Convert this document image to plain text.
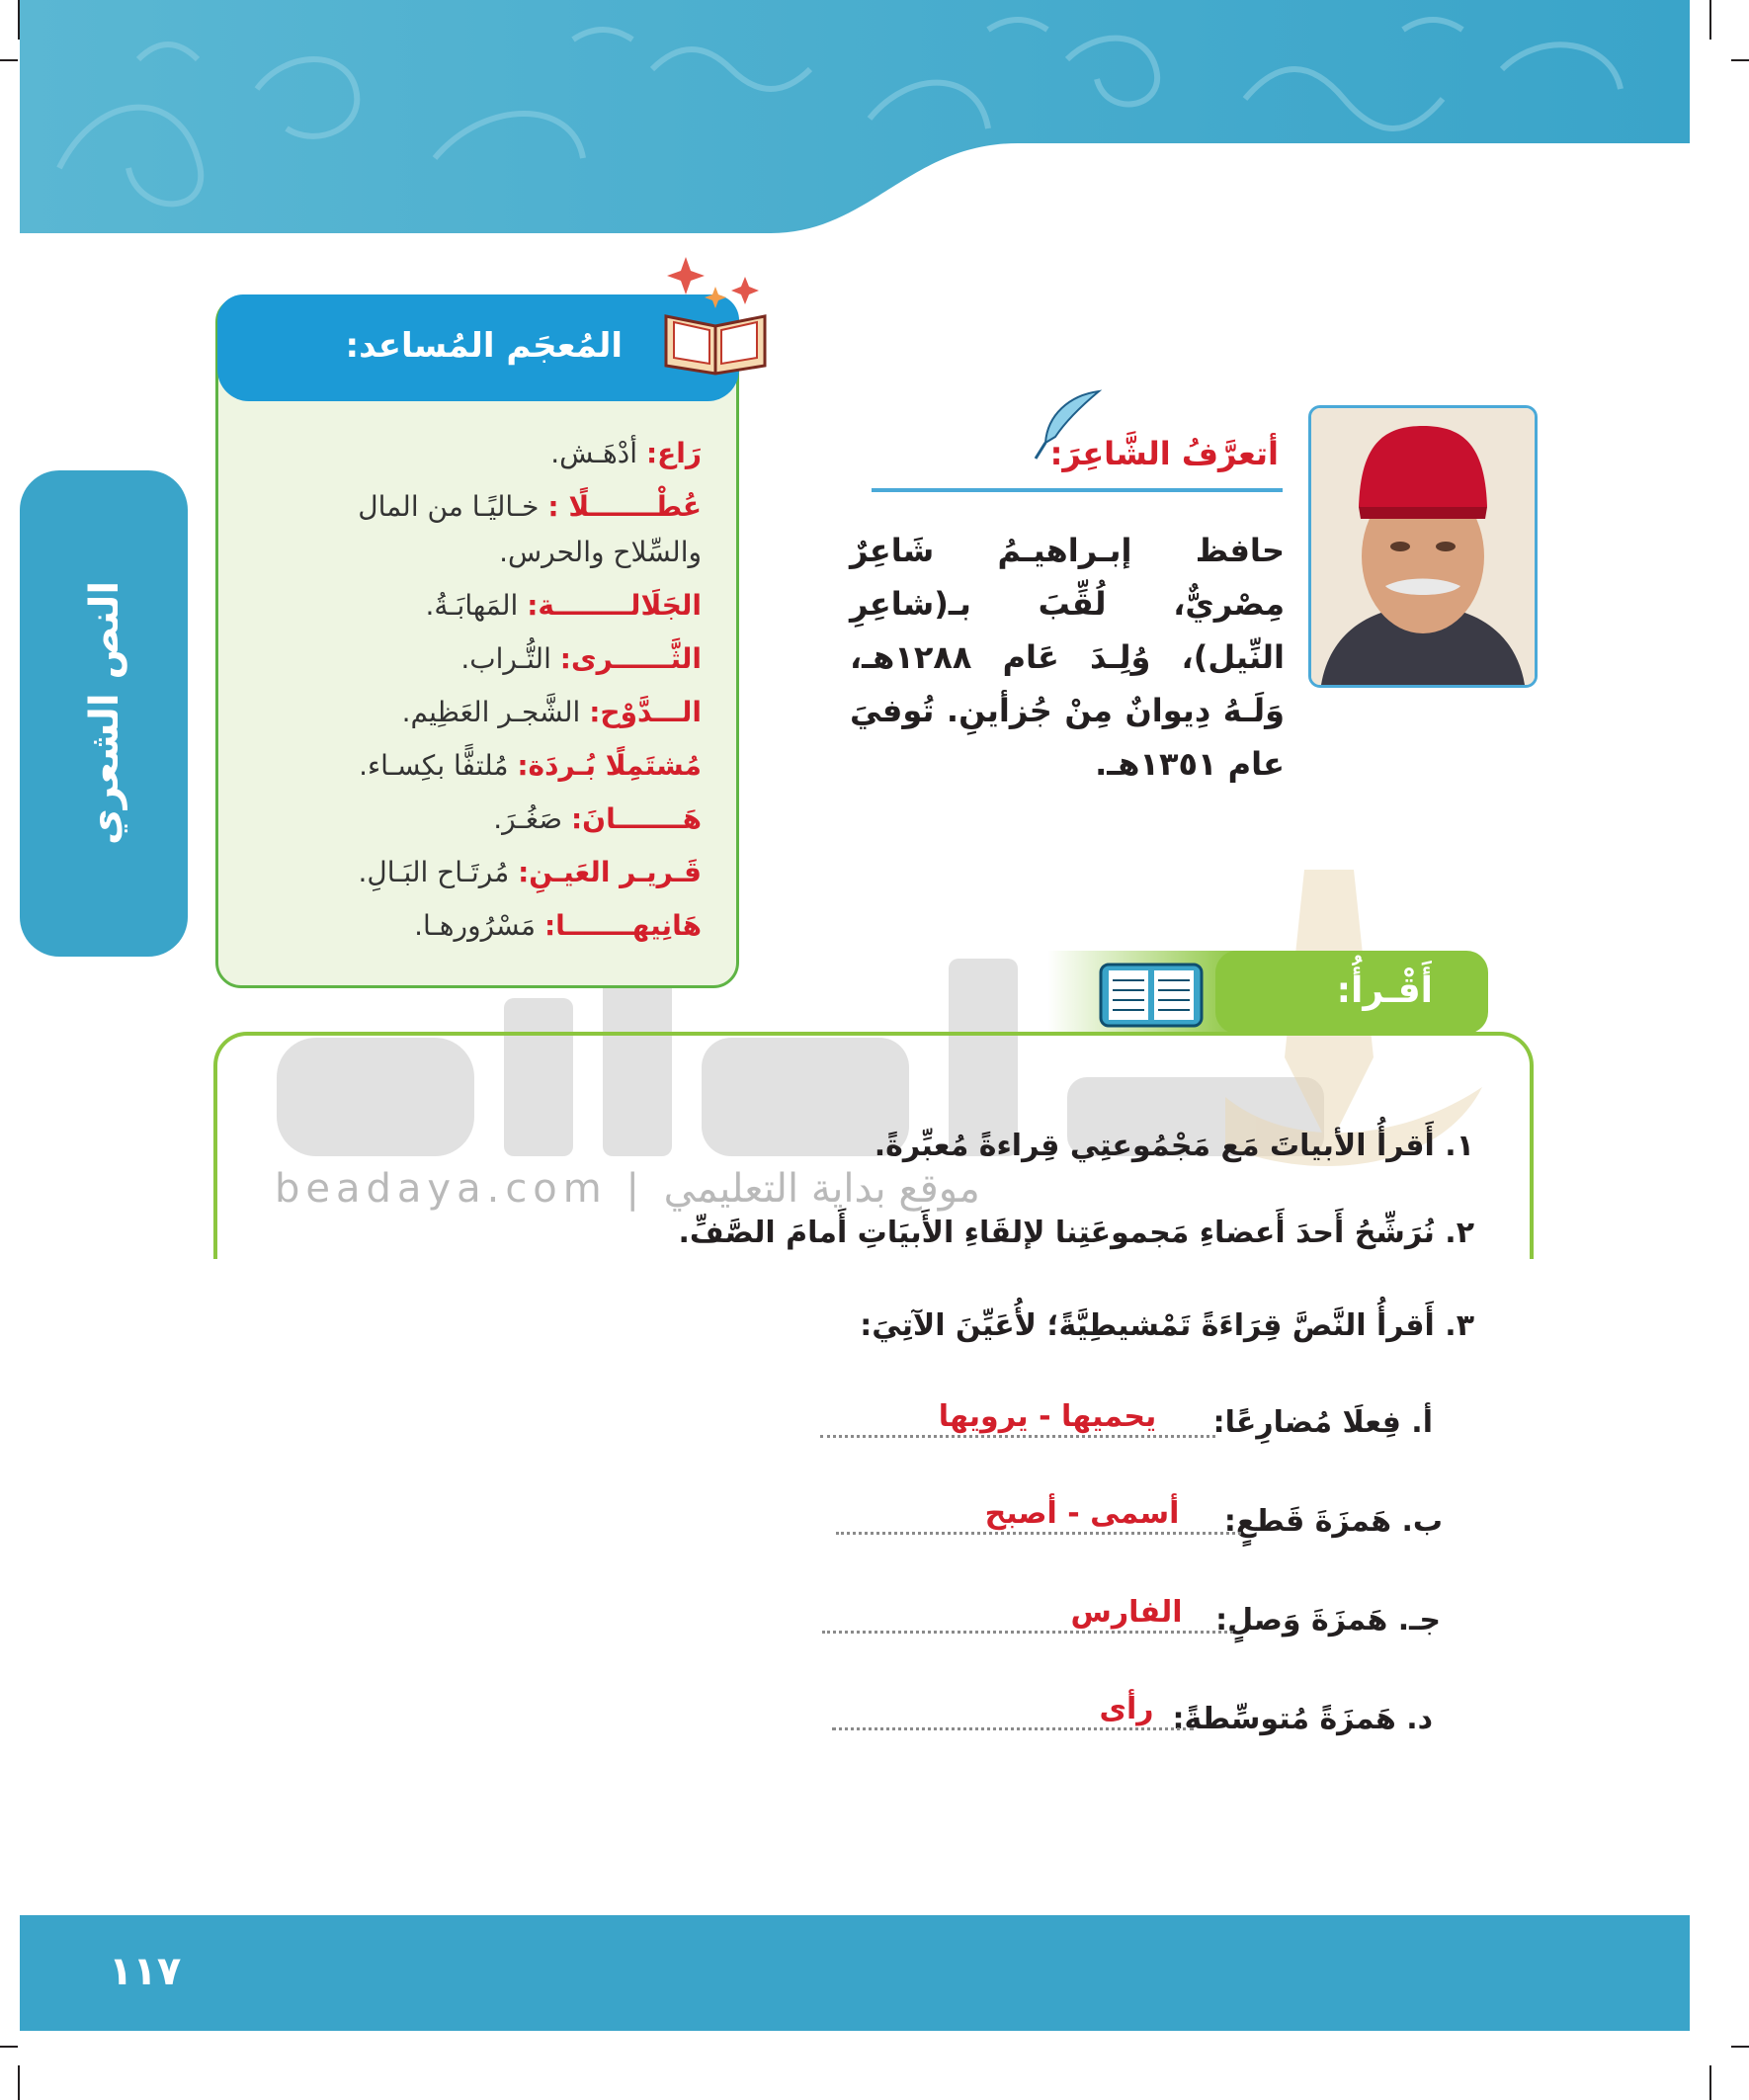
النص الشعري
beadaya.com | موقع بداية التعليمي
المُعجَم المُساعد:
رَاع: أدْهَـش.
عُطْـــــــلًا : خـاليًـا من المال والسِّلاح والحرس.
الجَلَالــــــــة: المَهابَـةُ.
الثَّــــــرى: التُّـراب.
الـــدَّوْح: الشَّجـر العَظِيم.
مُشتَمِلًا بُـردَة: مُلتفًّا بكِسـاء.
هَـــــــانَ: صَغُـرَ.
قَـريـر العَيـنِ: مُرتَـاح البَـالِ.
هَانِيهـــــــا: مَسْرُورهـا.
أتعرَّفُ الشَّاعِرَ:
حافظ إبـراهيـمُ شَاعِرٌ مِصْريٌّ، لُقِّبَ بـ(شاعِرِ النِّيل)، وُلِـدَ عَام ١٢٨٨هـ، وَلَـهُ دِيوانٌ مِنْ جُزأينِ. تُوفيَ عام ١٣٥١هـ.
أَقْـرأُ:
١. أَقرأُ الأبياتَ مَع مَجْمُوعتِي قِراءةً مُعبِّرةً.
٢. نُرَشِّحُ أَحدَ أَعضاءِ مَجموعَتِنا لإلقَاءِ الأَبيَاتِ أَمامَ الصَّفِّ.
٣. أَقرأُ النَّصَّ قِرَاءَةً تَمْشيطِيَّةً؛ لأُعَيِّنَ الآتِيَ:
أ. فِعلَا مُضارِعًا:
يحميها - يرويها
ب. هَمزَةَ قَطعٍ:
أسمى - أصبح
جـ. هَمزَةَ وَصلٍ:
الفارس
د. هَمزَةً مُتوسِّطةً:
رأى
١١٧
